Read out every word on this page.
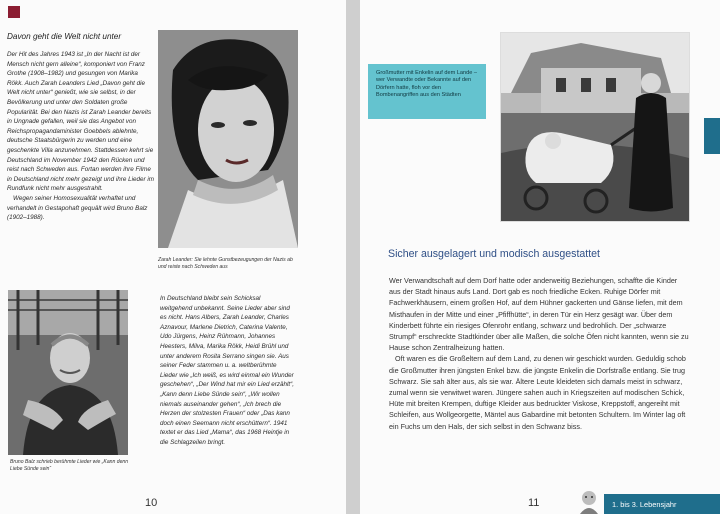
Davon geht die Welt nicht unter
Der Hit des Jahres 1943 ist „In der Nacht ist der Mensch nicht gern alleine“, komponiert von Franz Grothe (1908–1982) und gesungen von Marika Rökk. Auch Zarah Leanders Lied „Davon geht die Welt nicht unter“ genießt, wie sie selbst, in der Bevölkerung und unter den Soldaten große Popularität. Bei den Nazis ist Zarah Leander bereits in Ungnade gefallen, weil sie das Angebot von Reichspropagandaminister Goebbels ablehnte, deutsche Staatsbürgerin zu werden und eine geschenkte Villa anzunehmen. Stattdessen kehrt sie Deutschland im November 1942 den Rücken und reist nach Schweden aus. Fortan werden ihre Filme in Deutschland nicht mehr gezeigt und ihre Lieder im Rundfunk nicht mehr ausgestrahlt.
Wegen seiner Homosexualität verhaftet und verhandelt in Gestapohaft gequält wird Bruno Balz (1902–1988).
Zarah Leander: Sie lehnte Gunstbezeugungen der Nazis ab und reiste nach Schweden aus
Bruno Balz schrieb berühmte Lieder wie „Kann denn Liebe Sünde sein“
In Deutschland bleibt sein Schicksal weitgehend unbekannt. Seine Lieder aber sind es nicht. Hans Albers, Zarah Leander, Charles Aznavour, Marlene Dietrich, Caterina Valente, Udo Jürgens, Heinz Rühmann, Johannes Heesters, Milva, Marika Rökk, Heidi Brühl und unter anderem Rosita Serrano singen sie. Aus seiner Feder stammen u. a. weltberühmte Lieder wie „Ich weiß, es wird einmal ein Wunder geschehen“, „Der Wind hat mir ein Lied erzählt“, „Kann denn Liebe Sünde sein“, „Wir wollen niemals auseinander gehen“, „Ich brech die Herzen der stolzesten Frauen“ oder „Das kann doch einen Seemann nicht erschüttern“. 1941 textet er das Lied „Mama“, das 1968 Heintje in die Schlagzeilen bringt.
10
Großmutter mit Enkelin auf dem Lande – wer Verwandte oder Bekannte auf den Dörfern hatte, floh vor den Bombenangriffen aus den Städten
Sicher ausgelagert und modisch ausgestattet
Wer Verwandtschaft auf dem Dorf hatte oder anderweitig Beziehungen, schaffte die Kinder aus der Stadt hinaus aufs Land. Dort gab es noch friedliche Ecken. Ruhige Dörfer mit Fachwerkhäusern, einem großen Hof, auf dem Hühner gackerten und Gänse liefen, mit dem Misthaufen in der Mitte und einer „Pfiffhütte“, in deren Tür ein Herz gesägt war. Über dem Kinderbett führte ein riesiges Ofenrohr entlang, schwarz und bedrohlich. Der „schwarze Strumpf“ erschreckte Stadtkinder über alle Maßen, die solche Öfen nicht kannten, wenn sie zu Hause schon Zentralheizung hatten.
Oft waren es die Großeltern auf dem Land, zu denen wir geschickt wurden. Geduldig schob die Großmutter ihren jüngsten Enkel bzw. die jüngste Enkelin die Dorfstraße entlang. Sie trug Schwarz. Sie sah älter aus, als sie war. Ältere Leute kleideten sich damals meist in schwarz, zumal wenn sie verwitwet waren. Jüngere sahen auch in Kriegszeiten auf modischen Schick, Hüte mit breiten Krempen, duftige Kleider aus bedruckter Viskose, Kreppstoff, angereiht mit Schleifen, aus Wollgeorgette, Mäntel aus Gabardine mit betonten Schultern. Im Winter lag oft ein Fuchs um den Hals, der sich selbst in den Schwanz biss.
11	1. bis 3. Lebensjahr
